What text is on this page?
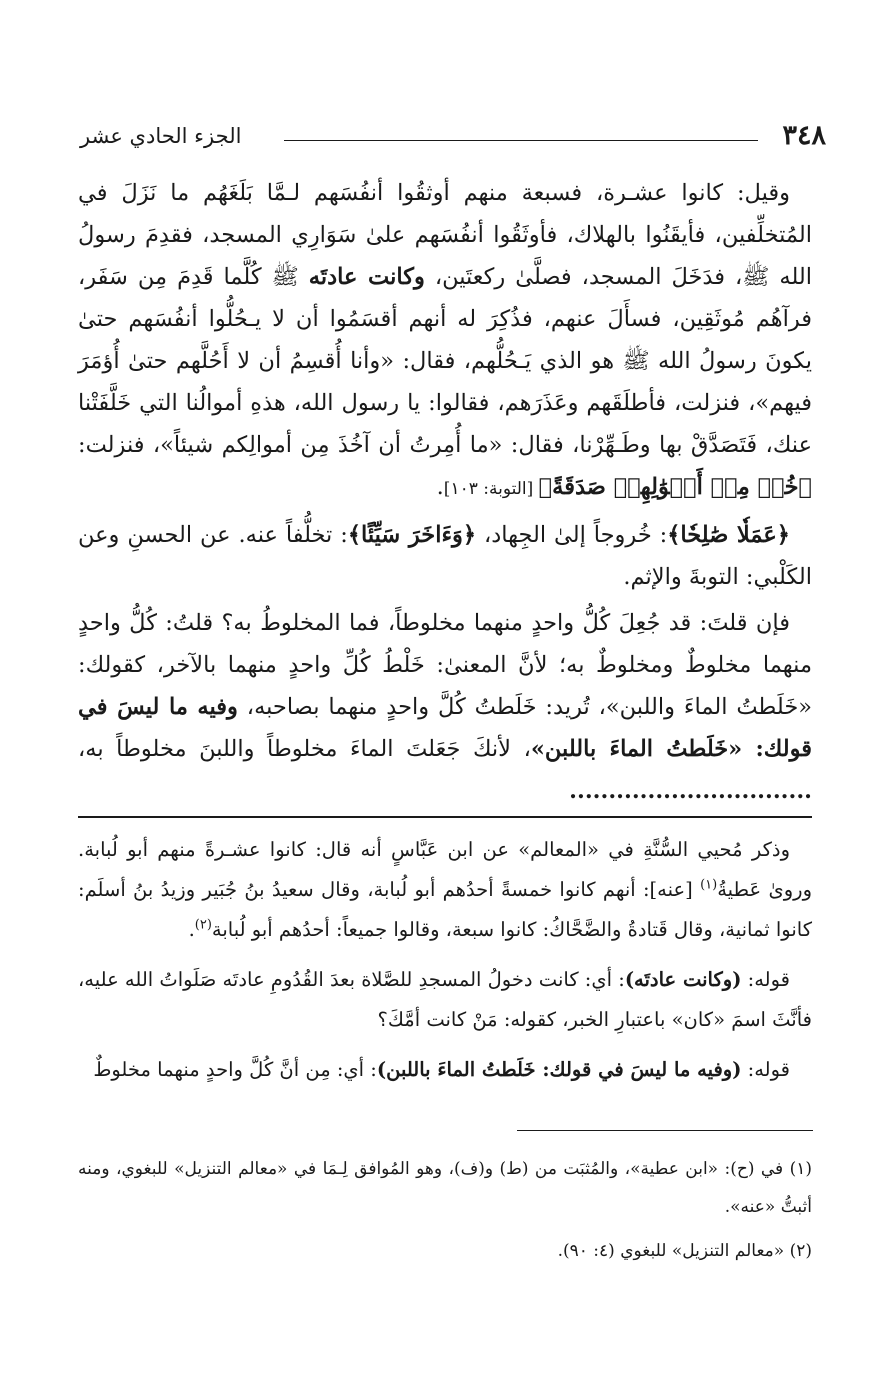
٣٤٨
الجزء الحادي عشر

وقيل: كانوا عشـرة، فسبعة منهم أوثقُوا أنفُسَهم لـمَّا بَلَغَهُم ما نَزَلَ في المُتخلِّفين، فأيقَنُوا بالهلاك، فأوثَقُوا أنفُسَهم علىٰ سَوَارِي المسجد، فقدِمَ رسولُ الله ﷺ، فدَخَلَ المسجد، فصلَّىٰ ركعتَين، وكانت عادتَه ﷺ كُلَّما قَدِمَ مِن سَفَر، فرآهُم مُوثَقِين، فسأَلَ عنهم، فذُكِرَ له أنهم أقسَمُوا أن لا يـحُلُّوا أنفُسَهم حتىٰ يكونَ رسولُ الله ﷺ هو الذي يَـحُلُّهم، فقال: «وأنا أُقسِمُ أن لا أَحُلَّهم حتىٰ أُؤمَرَ فيهم»، فنزلت، فأطلَقَهم وعَذَرَهم، فقالوا: يا رسول الله، هذهِ أموالُنا التي خَلَّفَتْنا عنك، فَتَصَدَّقْ بها وطَـهِّرْنا، فقال: «ما أُمِرتُ أن آخُذَ مِن أموالِكم شيئاً»، فنزلت: ﴿خُذۡ مِنۡ أَمۡوَٰلِهِمۡ صَدَقَةً﴾ [التوبة: ١٠٣].

﴿عَمَلٗا صَٰلِحٗا﴾: خُروجاً إلىٰ الجِهاد، ﴿وَءَاخَرَ سَيِّئًا﴾: تخلُّفاً عنه. عن الحسنِ وعن الكَلْبي: التوبةَ والإثم.

فإن قلتَ: قد جُعِلَ كُلُّ واحدٍ منهما مخلوطاً، فما المخلوطُ به؟ قلتُ: كُلُّ واحدٍ منهما مخلوطٌ ومخلوطٌ به؛ لأنَّ المعنىٰ: خَلْطُ كُلِّ واحدٍ منهما بالآخر، كقولك: «خَلَطتُ الماءَ واللبن»، تُريد: خَلَطتُ كُلَّ واحدٍ منهما بصاحبه، وفيه ما ليسَ في قولك: «خَلَطتُ الماءَ باللبن»، لأنكَ جَعَلتَ الماءَ مخلوطاً واللبنَ مخلوطاً به، ...............................

وذكر مُحيي السُّنَّةِ في «المعالم» عن ابن عَبَّاسٍ أنه قال: كانوا عشـرةً منهم أبو لُبابة. وروىٰ عَطيةُ$^{(١)}$ [عنه]: أنهم كانوا خمسةً أحدُهم أبو لُبابة، وقال سعيدُ بنُ جُبَير وزيدُ بنُ أسلَم: كانوا ثمانية، وقال قَتادةُ والضَّحَّاكُ: كانوا سبعة، وقالوا جميعاً: أحدُهم أبو لُبابة$^{(٢)}$.

قوله: (وكانت عادتَه): أي: كانت دخولُ المسجدِ للصَّلاة بعدَ القُدُومِ عادتَه صَلَواتُ الله عليه، فأنَّثَ اسمَ «كان» باعتبارِ الخبر، كقوله: مَنْ كانت أمَّكَ؟

قوله: (وفيه ما ليسَ في قولك: خَلَطتُ الماءَ باللبن): أي: مِن أنَّ كُلَّ واحدٍ منهما مخلوطٌ

(١) في (ح): «ابن عطية»، والمُثبَت من (ط) و(ف)، وهو المُوافق لِـمَا في «معالم التنزيل» للبغوي، ومنه أثبتُّ «عنه».

(٢) «معالم التنزيل» للبغوي (٤: ٩٠).
